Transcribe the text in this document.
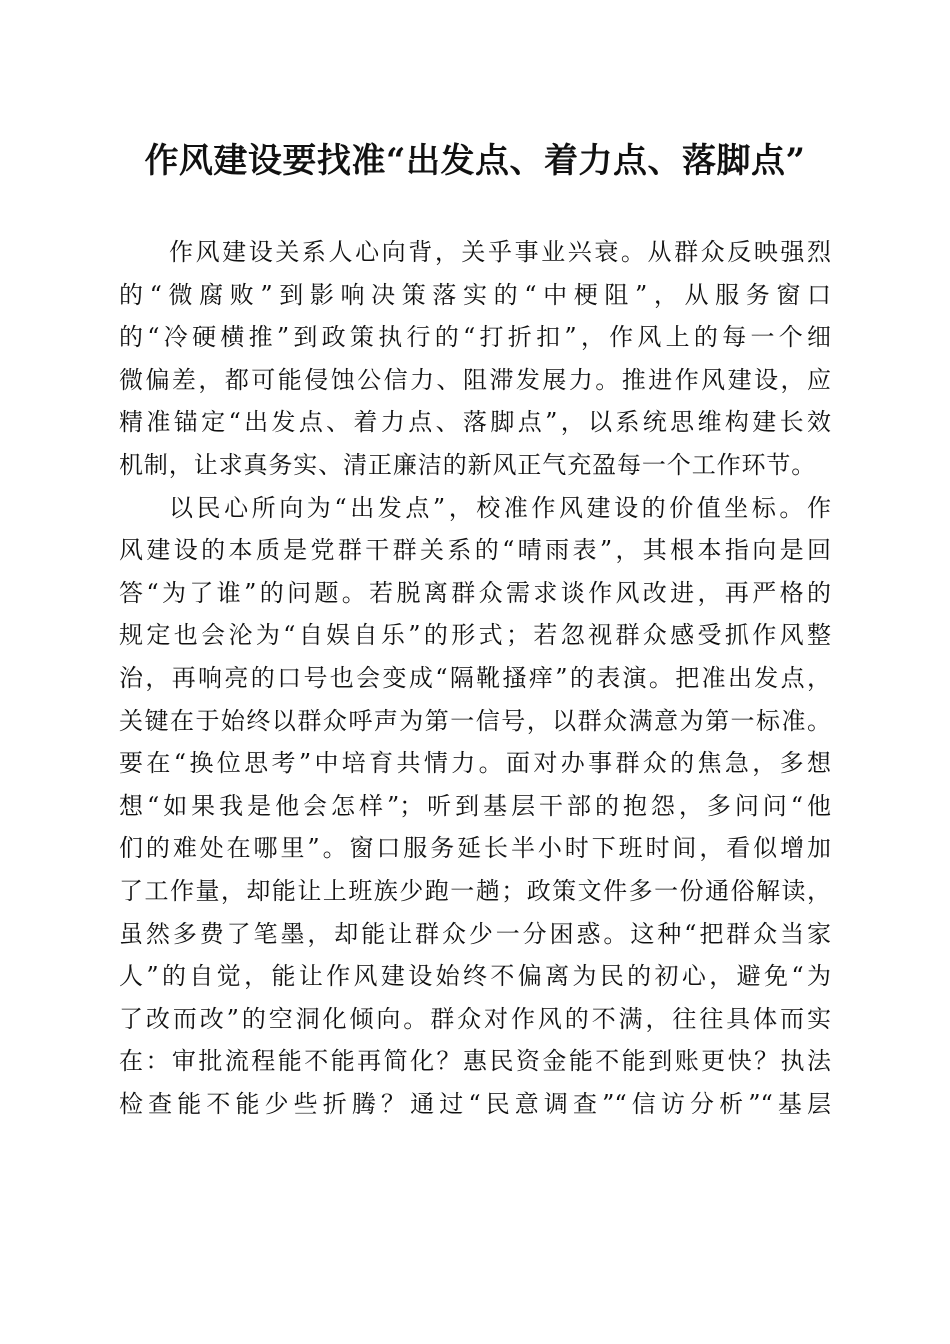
作风建设要找准“出发点、着力点、落脚点”
作风建设关系人心向背，关乎事业兴衰。从群众反映强烈
的“微腐败”到影响决策落实的“中梗阻”，从服务窗口
的“冷硬横推”到政策执行的“打折扣”，作风上的每一个细
微偏差，都可能侵蚀公信力、阻滞发展力。推进作风建设，应
精准锚定“出发点、着力点、落脚点”，以系统思维构建长效
机制，让求真务实、清正廉洁的新风正气充盈每一个工作环节。
以民心所向为“出发点”，校准作风建设的价值坐标。作
风建设的本质是党群干群关系的“晴雨表”，其根本指向是回
答“为了谁”的问题。若脱离群众需求谈作风改进，再严格的
规定也会沦为“自娱自乐”的形式；若忽视群众感受抓作风整
治，再响亮的口号也会变成“隔靴搔痒”的表演。把准出发点，
关键在于始终以群众呼声为第一信号，以群众满意为第一标准。
要在“换位思考”中培育共情力。面对办事群众的焦急，多想
想“如果我是他会怎样”；听到基层干部的抱怨，多问问“他
们的难处在哪里”。窗口服务延长半小时下班时间，看似增加
了工作量，却能让上班族少跑一趟；政策文件多一份通俗解读，
虽然多费了笔墨，却能让群众少一分困惑。这种“把群众当家
人”的自觉，能让作风建设始终不偏离为民的初心，避免“为
了改而改”的空洞化倾向。群众对作风的不满，往往具体而实
在：审批流程能不能再简化？惠民资金能不能到账更快？执法
检查能不能少些折腾？通过“民意调查”“信访分析”“基层
